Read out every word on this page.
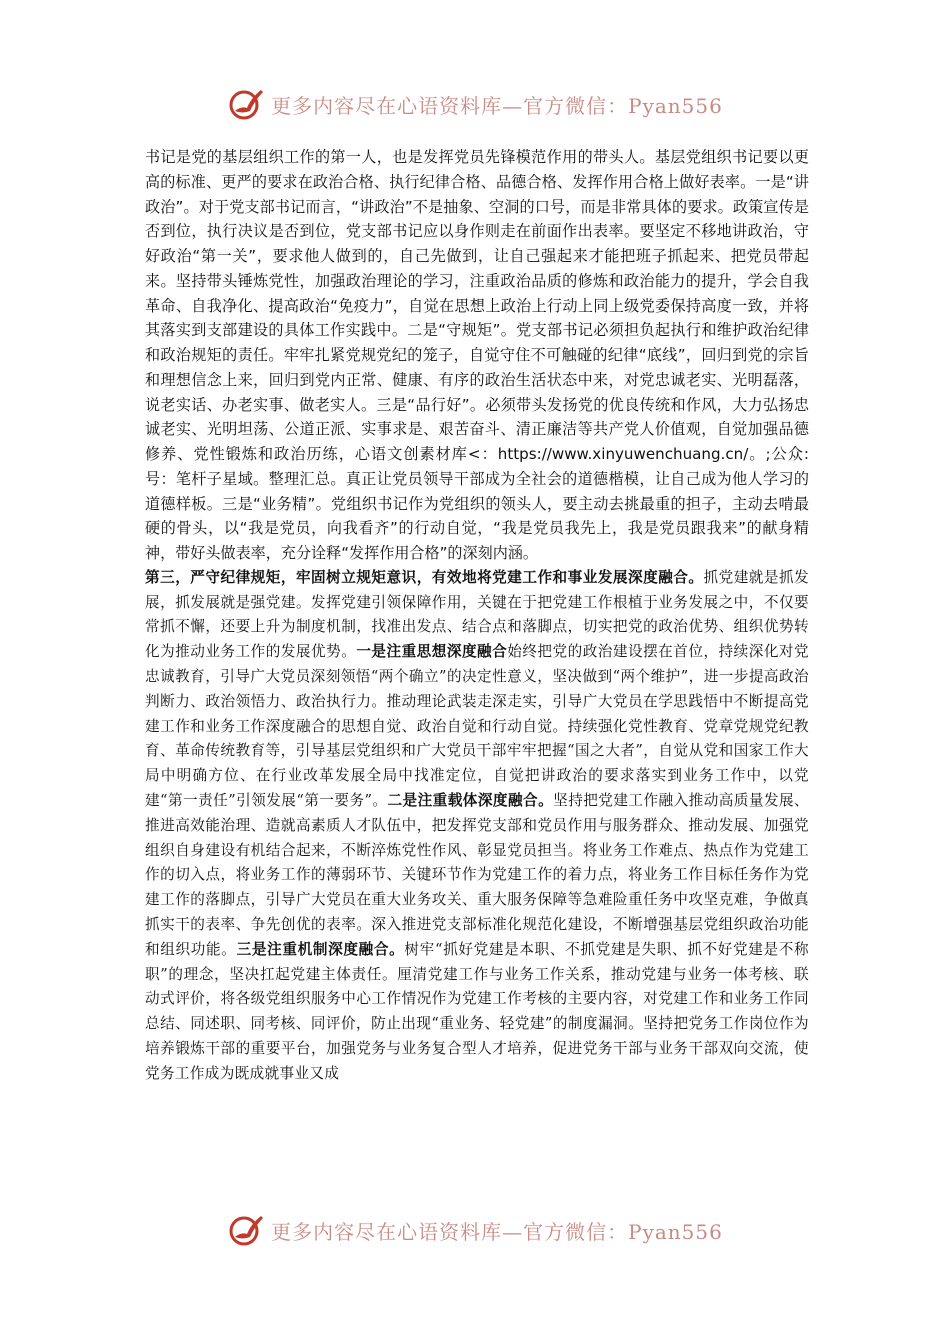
更多内容尽在心语资料库—官方微信：Pyan556

书记是党的基层组织工作的第一人，也是发挥党员先锋模范作用的带头人。基层党组织书记要以更高的标准、更严的要求在政治合格、执行纪律合格、品德合格、发挥作用合格上做好表率。一是“讲政治”。对于党支部书记而言，“讲政治”不是抽象、空洞的口号，而是非常具体的要求。政策宣传是否到位，执行决议是否到位，党支部书记应以身作则走在前面作出表率。要坚定不移地讲政治，守好政治“第一关”，要求他人做到的，自己先做到，让自己强起来才能把班子抓起来、把党员带起来。坚持带头锤炼党性，加强政治理论的学习，注重政治品质的修炼和政治能力的提升，学会自我革命、自我净化、提高政治“免疫力”，自觉在思想上政治上行动上同上级党委保持高度一致，并将其落实到支部建设的具体工作实践中。二是“守规矩”。党支部书记必须担负起执行和维护政治纪律和政治规矩的责任。牢牢扎紧党规党纪的笼子，自觉守住不可触碰的纪律“底线”，回归到党的宗旨和理想信念上来，回归到党内正常、健康、有序的政治生活状态中来，对党忠诚老实、光明磊落，说老实话、办老实事、做老实人。三是“品行好”。必须带头发扬党的优良传统和作风，大力弘扬忠诚老实、光明坦荡、公道正派、实事求是、艰苦奋斗、清正廉洁等共产党人价值观，自觉加强品德修养、党性锻炼和政治历练，心语文创素材库<：https://www.xinyuwenchuang.cn/。;公众:号：笔杆子星域。整理汇总。真正让党员领导干部成为全社会的道德楷模，让自己成为他人学习的道德样板。三是“业务精”。党组织书记作为党组织的领头人，要主动去挑最重的担子，主动去啃最硬的骨头，以“我是党员，向我看齐”的行动自觉，“我是党员我先上，我是党员跟我来”的献身精神，带好头做表率，充分诠释“发挥作用合格”的深刻内涵。

第三，严守纪律规矩，牢固树立规矩意识，有效地将党建工作和事业发展深度融合。抓党建就是抓发展，抓发展就是强党建。发挥党建引领保障作用，关键在于把党建工作根植于业务发展之中，不仅要常抓不懈，还要上升为制度机制，找准出发点、结合点和落脚点，切实把党的政治优势、组织优势转化为推动业务工作的发展优势。一是注重思想深度融合始终把党的政治建设摆在首位，持续深化对党忠诚教育，引导广大党员深刻领悟“两个确立”的决定性意义，坚决做到“两个维护”，进一步提高政治判断力、政治领悟力、政治执行力。推动理论武装走深走实，引导广大党员在学思践悟中不断提高党建工作和业务工作深度融合的思想自觉、政治自觉和行动自觉。持续强化党性教育、党章党规党纪教育、革命传统教育等，引导基层党组织和广大党员干部牢牢把握“国之大者”，自觉从党和国家工作大局中明确方位、在行业改革发展全局中找准定位，自觉把讲政治的要求落实到业务工作中，以党建“第一责任”引领发展“第一要务”。二是注重载体深度融合。坚持把党建工作融入推动高质量发展、推进高效能治理、造就高素质人才队伍中，把发挥党支部和党员作用与服务群众、推动发展、加强党组织自身建设有机结合起来，不断淬炼党性作风、彰显党员担当。将业务工作难点、热点作为党建工作的切入点，将业务工作的薄弱环节、关键环节作为党建工作的着力点，将业务工作目标任务作为党建工作的落脚点，引导广大党员在重大业务攻关、重大服务保障等急难险重任务中攻坚克难，争做真抓实干的表率、争先创优的表率。深入推进党支部标准化规范化建设，不断增强基层党组织政治功能和组织功能。三是注重机制深度融合。树牢“抓好党建是本职、不抓党建是失职、抓不好党建是不称职”的理念，坚决扛起党建主体责任。厘清党建工作与业务工作关系，推动党建与业务一体考核、联动式评价，将各级党组织服务中心工作情况作为党建工作考核的主要内容，对党建工作和业务工作同总结、同述职、同考核、同评价，防止出现“重业务、轻党建”的制度漏洞。坚持把党务工作岗位作为培养锻炼干部的重要平台，加强党务与业务复合型人才培养，促进党务干部与业务干部双向交流，使党务工作成为既成就事业又成

更多内容尽在心语资料库—官方微信：Pyan556
